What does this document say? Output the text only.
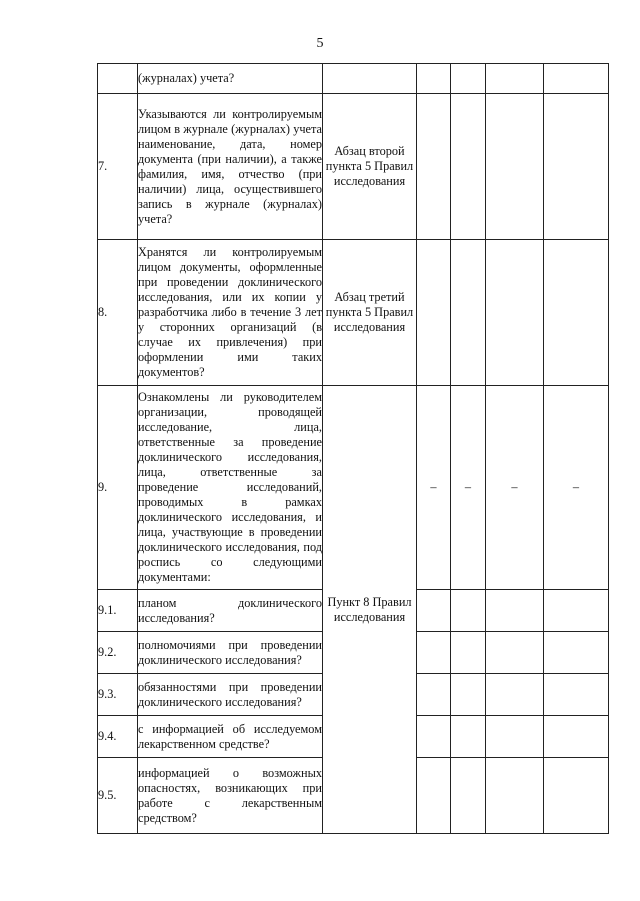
5
	(журналах) учета?					
7.	Указываются ли контролируемым лицом в журнале (журналах) учета наименование, дата, номер документа (при наличии), а также фамилия, имя, отчество (при наличии) лица, осуществившего запись в журнале (журналах) учета?	Абзац второй пункта 5 Правил исследования				
8.	Хранятся ли контролируемым лицом документы, оформленные при проведении доклинического исследования, или их копии у разработчика либо в течение 3 лет у сторонних организаций (в случае их привлечения) при оформлении ими таких документов?	Абзац третий пункта 5 Правил исследования				
9.	Ознакомлены ли руководителем организации, проводящей исследование, лица, ответственные за проведение доклинического исследования, лица, ответственные за проведение исследований, проводимых в рамках доклинического исследования, и лица, участвующие в проведении доклинического исследования, под роспись со следующими документами:	Пункт 8 Правил исследования	–	–	–	–
9.1.	планом доклинического исследования?					
9.2.	полномочиями при проведении доклинического исследования?					
9.3.	обязанностями при проведении доклинического исследования?					
9.4.	с информацией об исследуемом лекарственном средстве?					
9.5.	информацией о возможных опасностях, возникающих при работе с лекарственным средством?					
